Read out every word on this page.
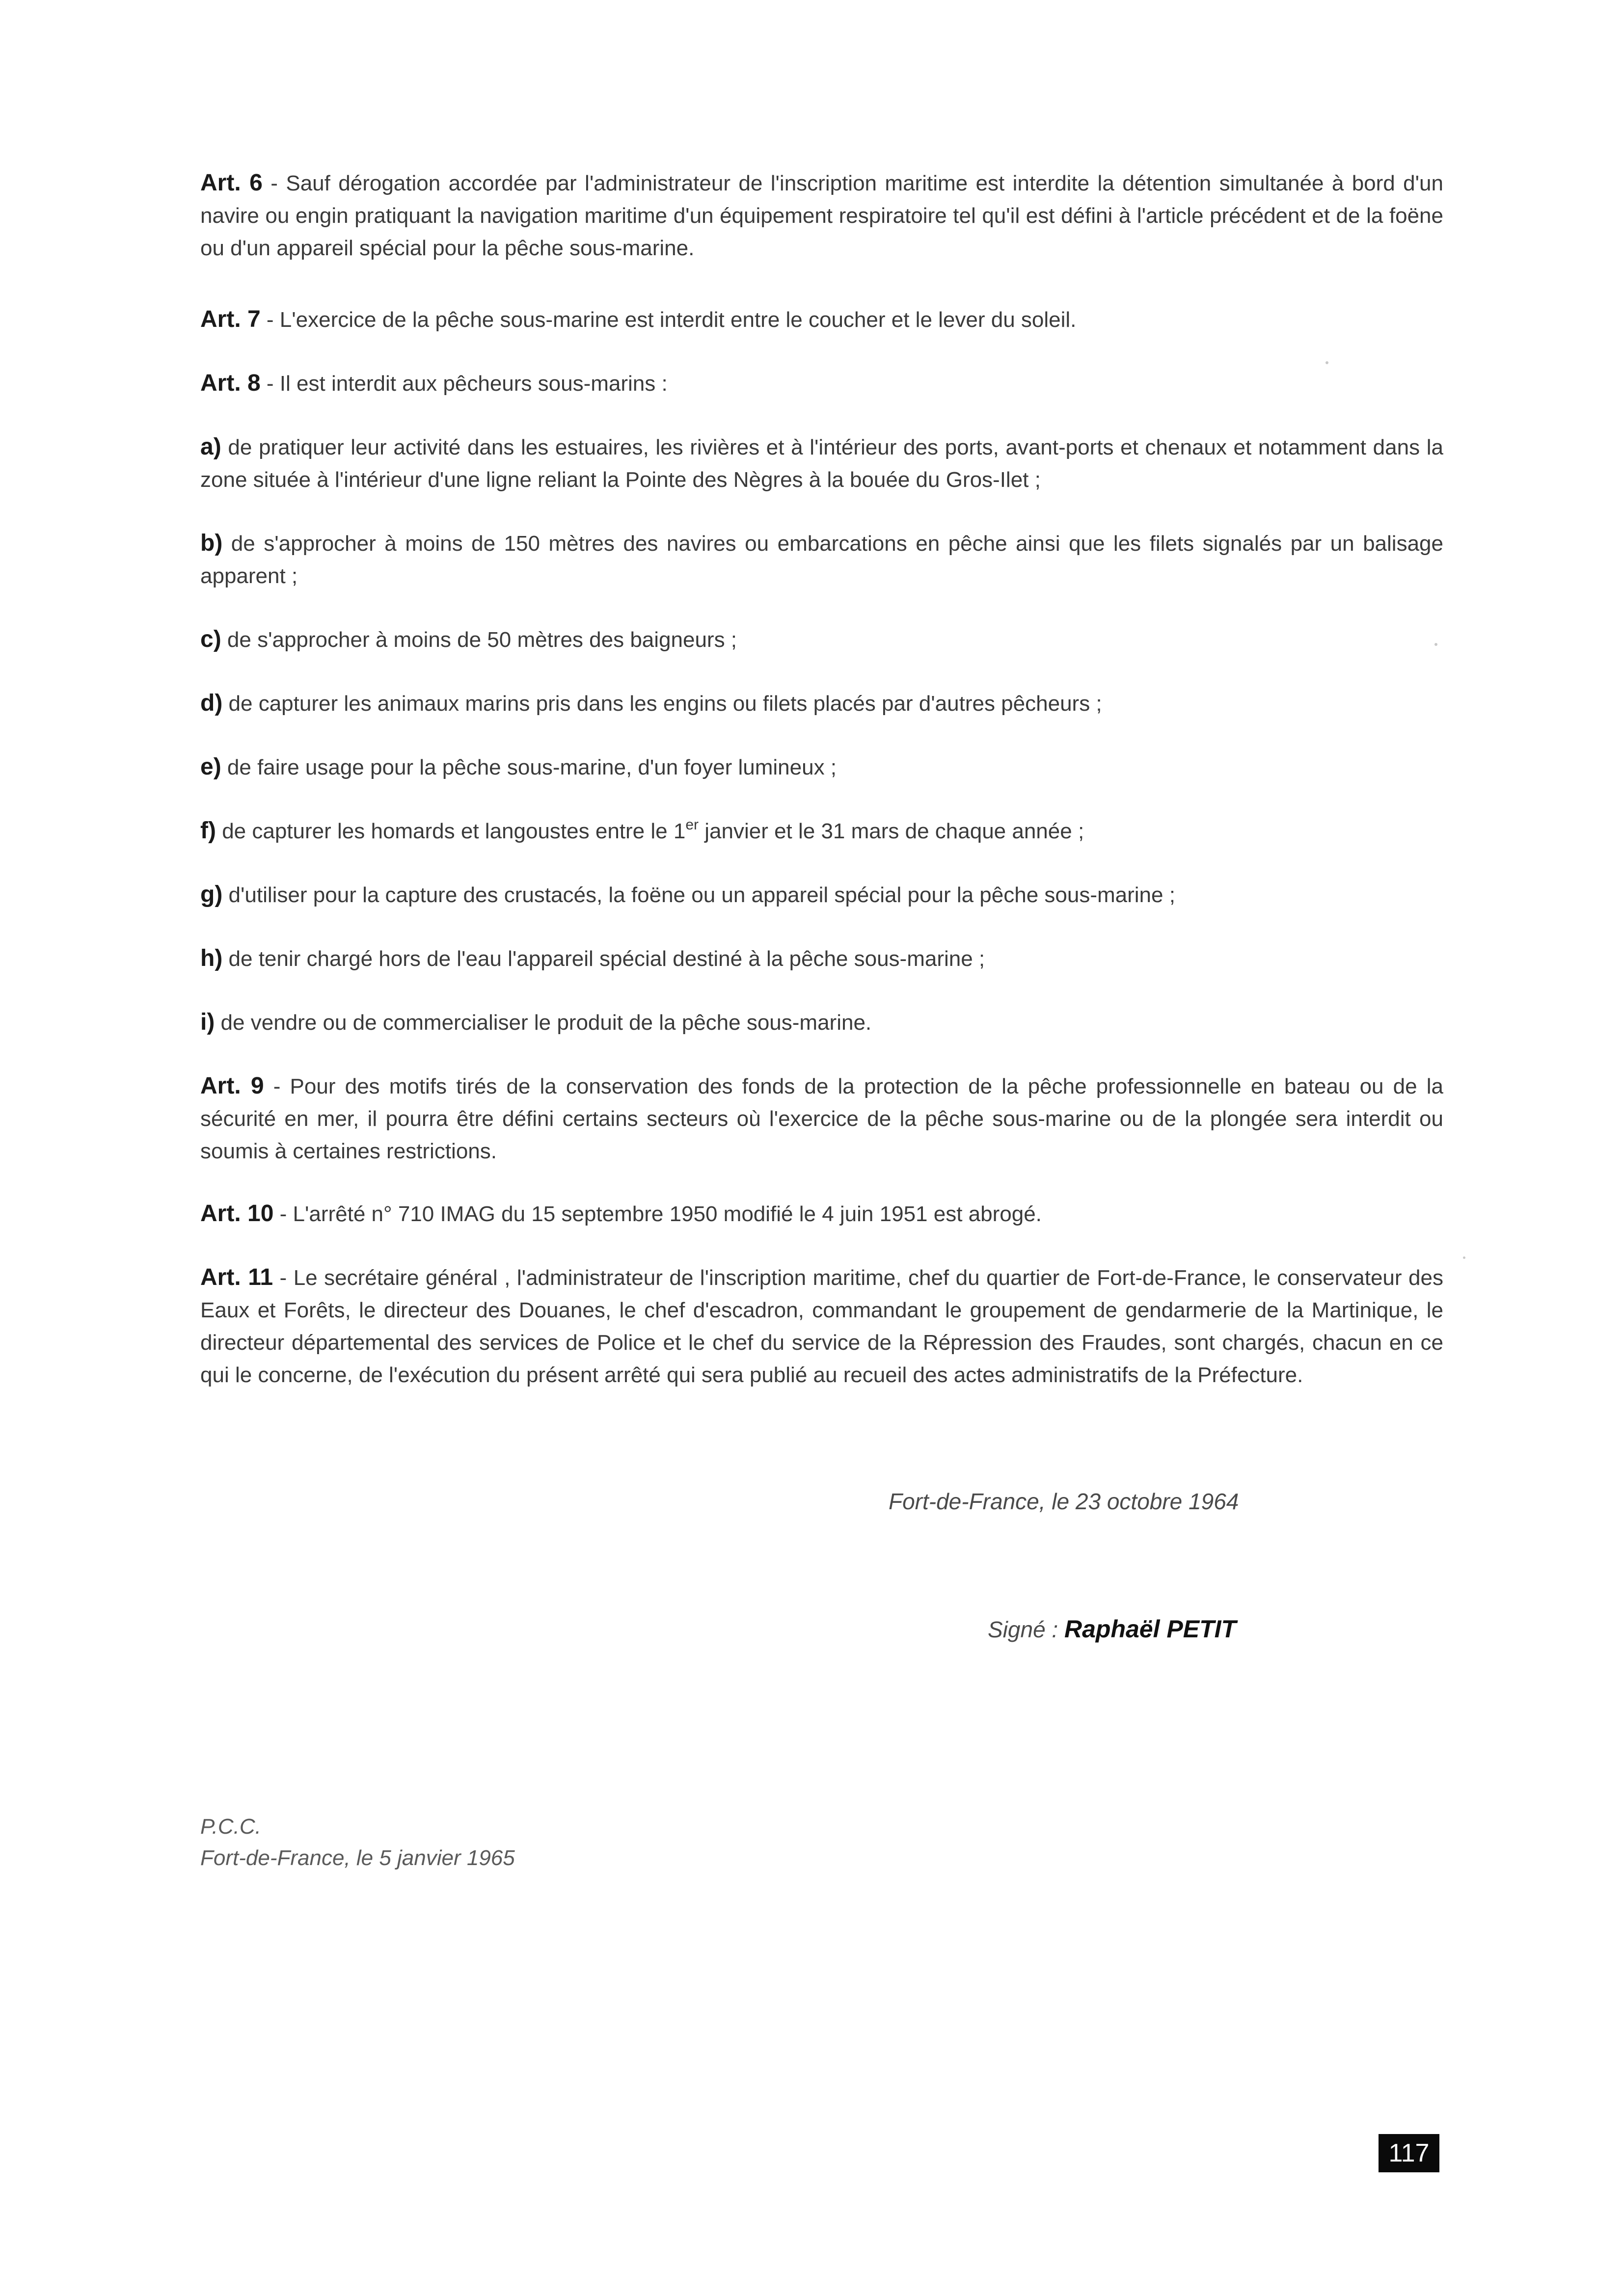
Art. 6 - Sauf dérogation accordée par l'administrateur de l'inscription maritime est interdite la détention simultanée à bord d'un navire ou engin pratiquant la navigation maritime d'un équipement respiratoire tel qu'il est défini à l'article précédent et de la foëne ou d'un appareil spécial pour la pêche sous-marine.

Art. 7 - L'exercice de la pêche sous-marine est interdit entre le coucher et le lever du soleil.

Art. 8 - Il est interdit aux pêcheurs sous-marins :

a) de pratiquer leur activité dans les estuaires, les rivières et à l'intérieur des ports, avant-ports et chenaux et notamment dans la zone située à l'intérieur d'une ligne reliant la Pointe des Nègres à la bouée du Gros-Ilet ;

b) de s'approcher à moins de 150 mètres des navires ou embarcations en pêche ainsi que les filets signalés par un balisage apparent ;

c) de s'approcher à moins de 50 mètres des baigneurs ;

d) de capturer les animaux marins pris dans les engins ou filets placés par d'autres pêcheurs ;

e) de faire usage pour la pêche sous-marine, d'un foyer lumineux ;

f) de capturer les homards et langoustes entre le 1er janvier et le 31 mars de chaque année ;

g) d'utiliser pour la capture des crustacés, la foëne ou un appareil spécial pour la pêche sous-marine ;

h) de tenir chargé hors de l'eau l'appareil spécial destiné à la pêche sous-marine ;

i) de vendre ou de commercialiser le produit de la pêche sous-marine.

Art. 9 - Pour des motifs tirés de la conservation des fonds de la protection de la pêche professionnelle en bateau ou de la sécurité en mer, il pourra être défini certains secteurs où l'exercice de la pêche sous-marine ou de la plongée sera interdit ou soumis à certaines restrictions.

Art. 10 - L'arrêté n° 710 IMAG du 15 septembre 1950 modifié le 4 juin 1951 est abrogé.

Art. 11 - Le secrétaire général , l'administrateur de l'inscription maritime, chef du quartier de Fort-de-France, le conservateur des Eaux et Forêts, le directeur des Douanes, le chef d'escadron, commandant le groupement de gendarmerie de la Martinique, le directeur départemental des services de Police et le chef du service de la Répression des Fraudes, sont chargés, chacun en ce qui le concerne, de l'exécution du présent arrêté qui sera publié au recueil des actes administratifs de la Préfecture.

Fort-de-France, le 23 octobre 1964
Signé : Raphaël PETIT
P.C.C.
Fort-de-France, le 5 janvier 1965
117
